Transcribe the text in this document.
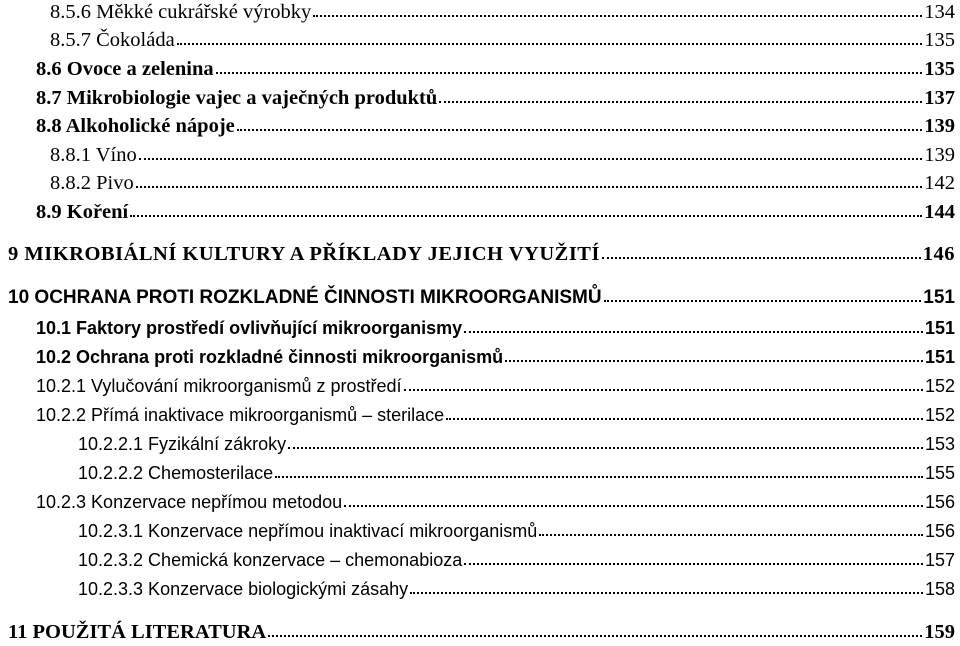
8.5.6 Měkké cukrářské výrobky	134
8.5.7 Čokoláda	135
8.6 Ovoce a zelenina	135
8.7 Mikrobiologie vajec a vaječných produktů	137
8.8 Alkoholické nápoje	139
8.8.1 Víno	139
8.8.2 Pivo	142
8.9 Koření	144
9 MIKROBIÁLNÍ KULTURY A PŘÍKLADY JEJICH VYUŽITÍ	146
10 OCHRANA PROTI ROZKLADNÉ ČINNOSTI MIKROORGANISMŮ	151
10.1 Faktory prostředí ovlivňující mikroorganismy	151
10.2 Ochrana proti rozkladné činnosti mikroorganismů	151
10.2.1 Vylučování mikroorganismů z prostředí	152
10.2.2 Přímá inaktivace mikroorganismů – sterilace	152
10.2.2.1 Fyzikální zákroky	153
10.2.2.2 Chemosterilace	155
10.2.3 Konzervace nepřímou metodou	156
10.2.3.1 Konzervace nepřímou inaktivací mikroorganismů	156
10.2.3.2 Chemická konzervace – chemonabioza	157
10.2.3.3 Konzervace biologickými zásahy	158
11 POUŽITÁ LITERATURA	159
